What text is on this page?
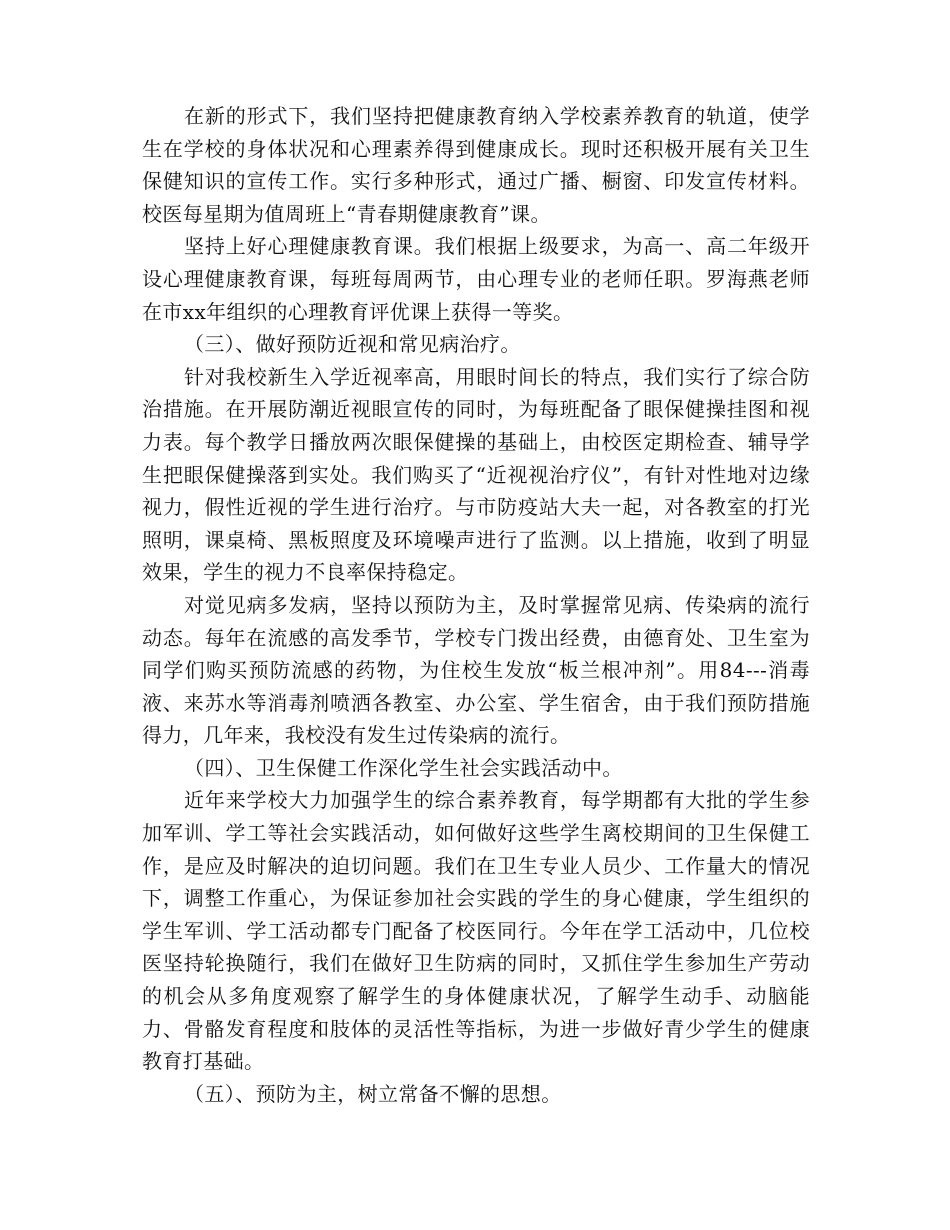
在新的形式下，我们坚持把健康教育纳入学校素养教育的轨道，使学生在学校的身体状况和心理素养得到健康成长。现时还积极开展有关卫生保健知识的宣传工作。实行多种形式，通过广播、橱窗、印发宣传材料。校医每星期为值周班上“青春期健康教育”课。

坚持上好心理健康教育课。我们根据上级要求，为高一、高二年级开设心理健康教育课，每班每周两节，由心理专业的老师任职。罗海燕老师在市xx年组织的心理教育评优课上获得一等奖。

（三）、做好预防近视和常见病治疗。

针对我校新生入学近视率高，用眼时间长的特点，我们实行了综合防治措施。在开展防潮近视眼宣传的同时，为每班配备了眼保健操挂图和视力表。每个教学日播放两次眼保健操的基础上，由校医定期检查、辅导学生把眼保健操落到实处。我们购买了“近视视治疗仪”，有针对性地对边缘视力，假性近视的学生进行治疗。与市防疫站大夫一起，对各教室的打光照明，课桌椅、黑板照度及环境噪声进行了监测。以上措施，收到了明显效果，学生的视力不良率保持稳定。

对觉见病多发病，坚持以预防为主，及时掌握常见病、传染病的流行动态。每年在流感的高发季节，学校专门拨出经费，由德育处、卫生室为同学们购买预防流感的药物，为住校生发放“板兰根冲剂”。用84---消毒液、来苏水等消毒剂喷洒各教室、办公室、学生宿舍，由于我们预防措施得力，几年来，我校没有发生过传染病的流行。

（四）、卫生保健工作深化学生社会实践活动中。

近年来学校大力加强学生的综合素养教育，每学期都有大批的学生参加军训、学工等社会实践活动，如何做好这些学生离校期间的卫生保健工作，是应及时解决的迫切问题。我们在卫生专业人员少、工作量大的情况下，调整工作重心，为保证参加社会实践的学生的身心健康，学生组织的学生军训、学工活动都专门配备了校医同行。今年在学工活动中，几位校医坚持轮换随行，我们在做好卫生防病的同时，又抓住学生参加生产劳动的机会从多角度观察了解学生的身体健康状况，了解学生动手、动脑能力、骨骼发育程度和肢体的灵活性等指标，为进一步做好青少学生的健康教育打基础。

（五）、预防为主，树立常备不懈的思想。
